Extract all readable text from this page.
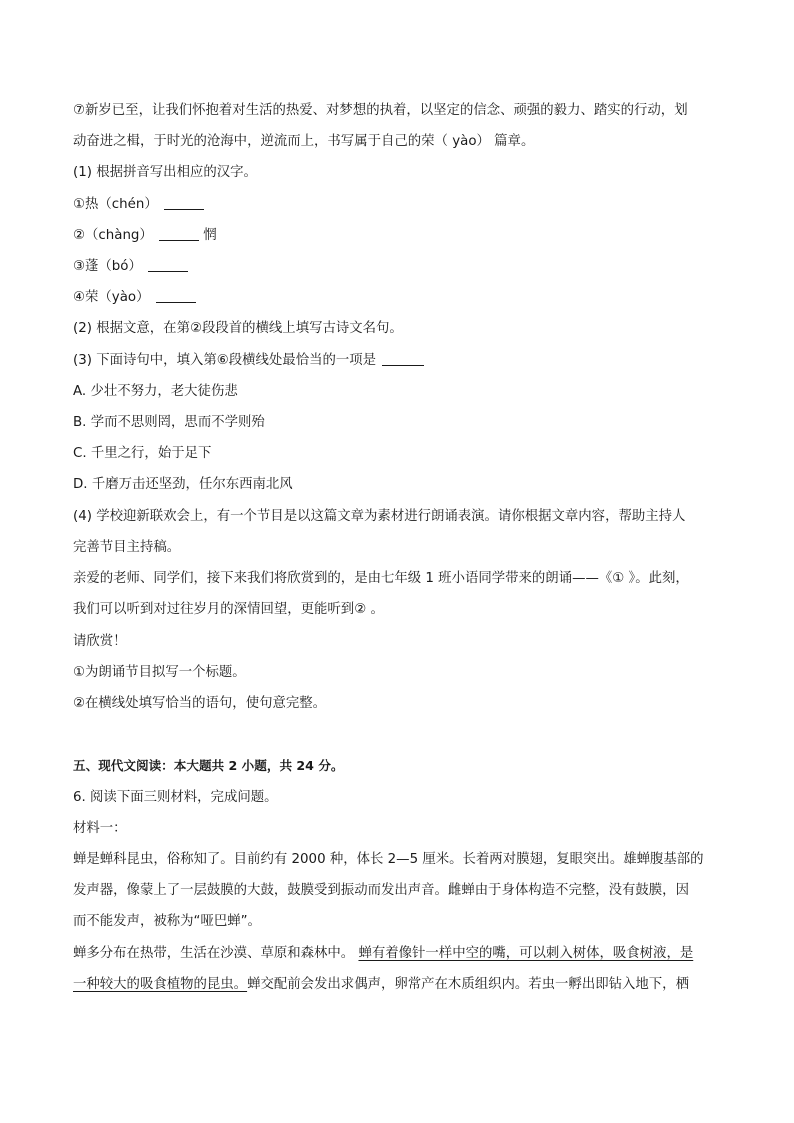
⑦新岁已至，让我们怀抱着对生活的热爱、对梦想的执着，以坚定的信念、顽强的毅力、踏实的行动，划
动奋进之楫，于时光的沧海中，逆流而上，书写属于自己的荣（ yào） 篇章。
(1) 根据拼音写出相应的汉字。
①热（chén）
②（chàng）	惘
③蓬（bó）
④荣（yào）
(2) 根据文意，在第②段段首的横线上填写古诗文名句。
(3) 下面诗句中，填入第⑥段横线处最恰当的一项是
A. 少壮不努力，老大徒伤悲
B. 学而不思则罔，思而不学则殆
C. 千里之行，始于足下
D. 千磨万击还坚劲，任尔东西南北风
(4) 学校迎新联欢会上，有一个节目是以这篇文章为素材进行朗诵表演。请你根据文章内容，帮助主持人
完善节目主持稿。
亲爱的老师、同学们，接下来我们将欣赏到的，是由七年级 1 班小语同学带来的朗诵——《① 》。此刻，
我们可以听到对过往岁月的深情回望，更能听到② 。
请欣赏！
①为朗诵节目拟写一个标题。
②在横线处填写恰当的语句，使句意完整。
五、现代文阅读：本大题共 2 小题，共 24 分。
6. 阅读下面三则材料，完成问题。
材料一：
蝉是蝉科昆虫，俗称知了。目前约有 2000 种，体长 2—5 厘米。长着两对膜翅，复眼突出。雄蝉腹基部的
发声器，像蒙上了一层鼓膜的大鼓，鼓膜受到振动而发出声音。雌蝉由于身体构造不完整，没有鼓膜，因
而不能发声，被称为“哑巴蝉”。
蝉多分布在热带，生活在沙漠、草原和森林中。 蝉有着像针一样中空的嘴，可以刺入树体，吸食树液，是
一种较大的吸食植物的昆虫。蝉交配前会发出求偶声，卵常产在木质组织内。若虫一孵出即钻入地下，栖
